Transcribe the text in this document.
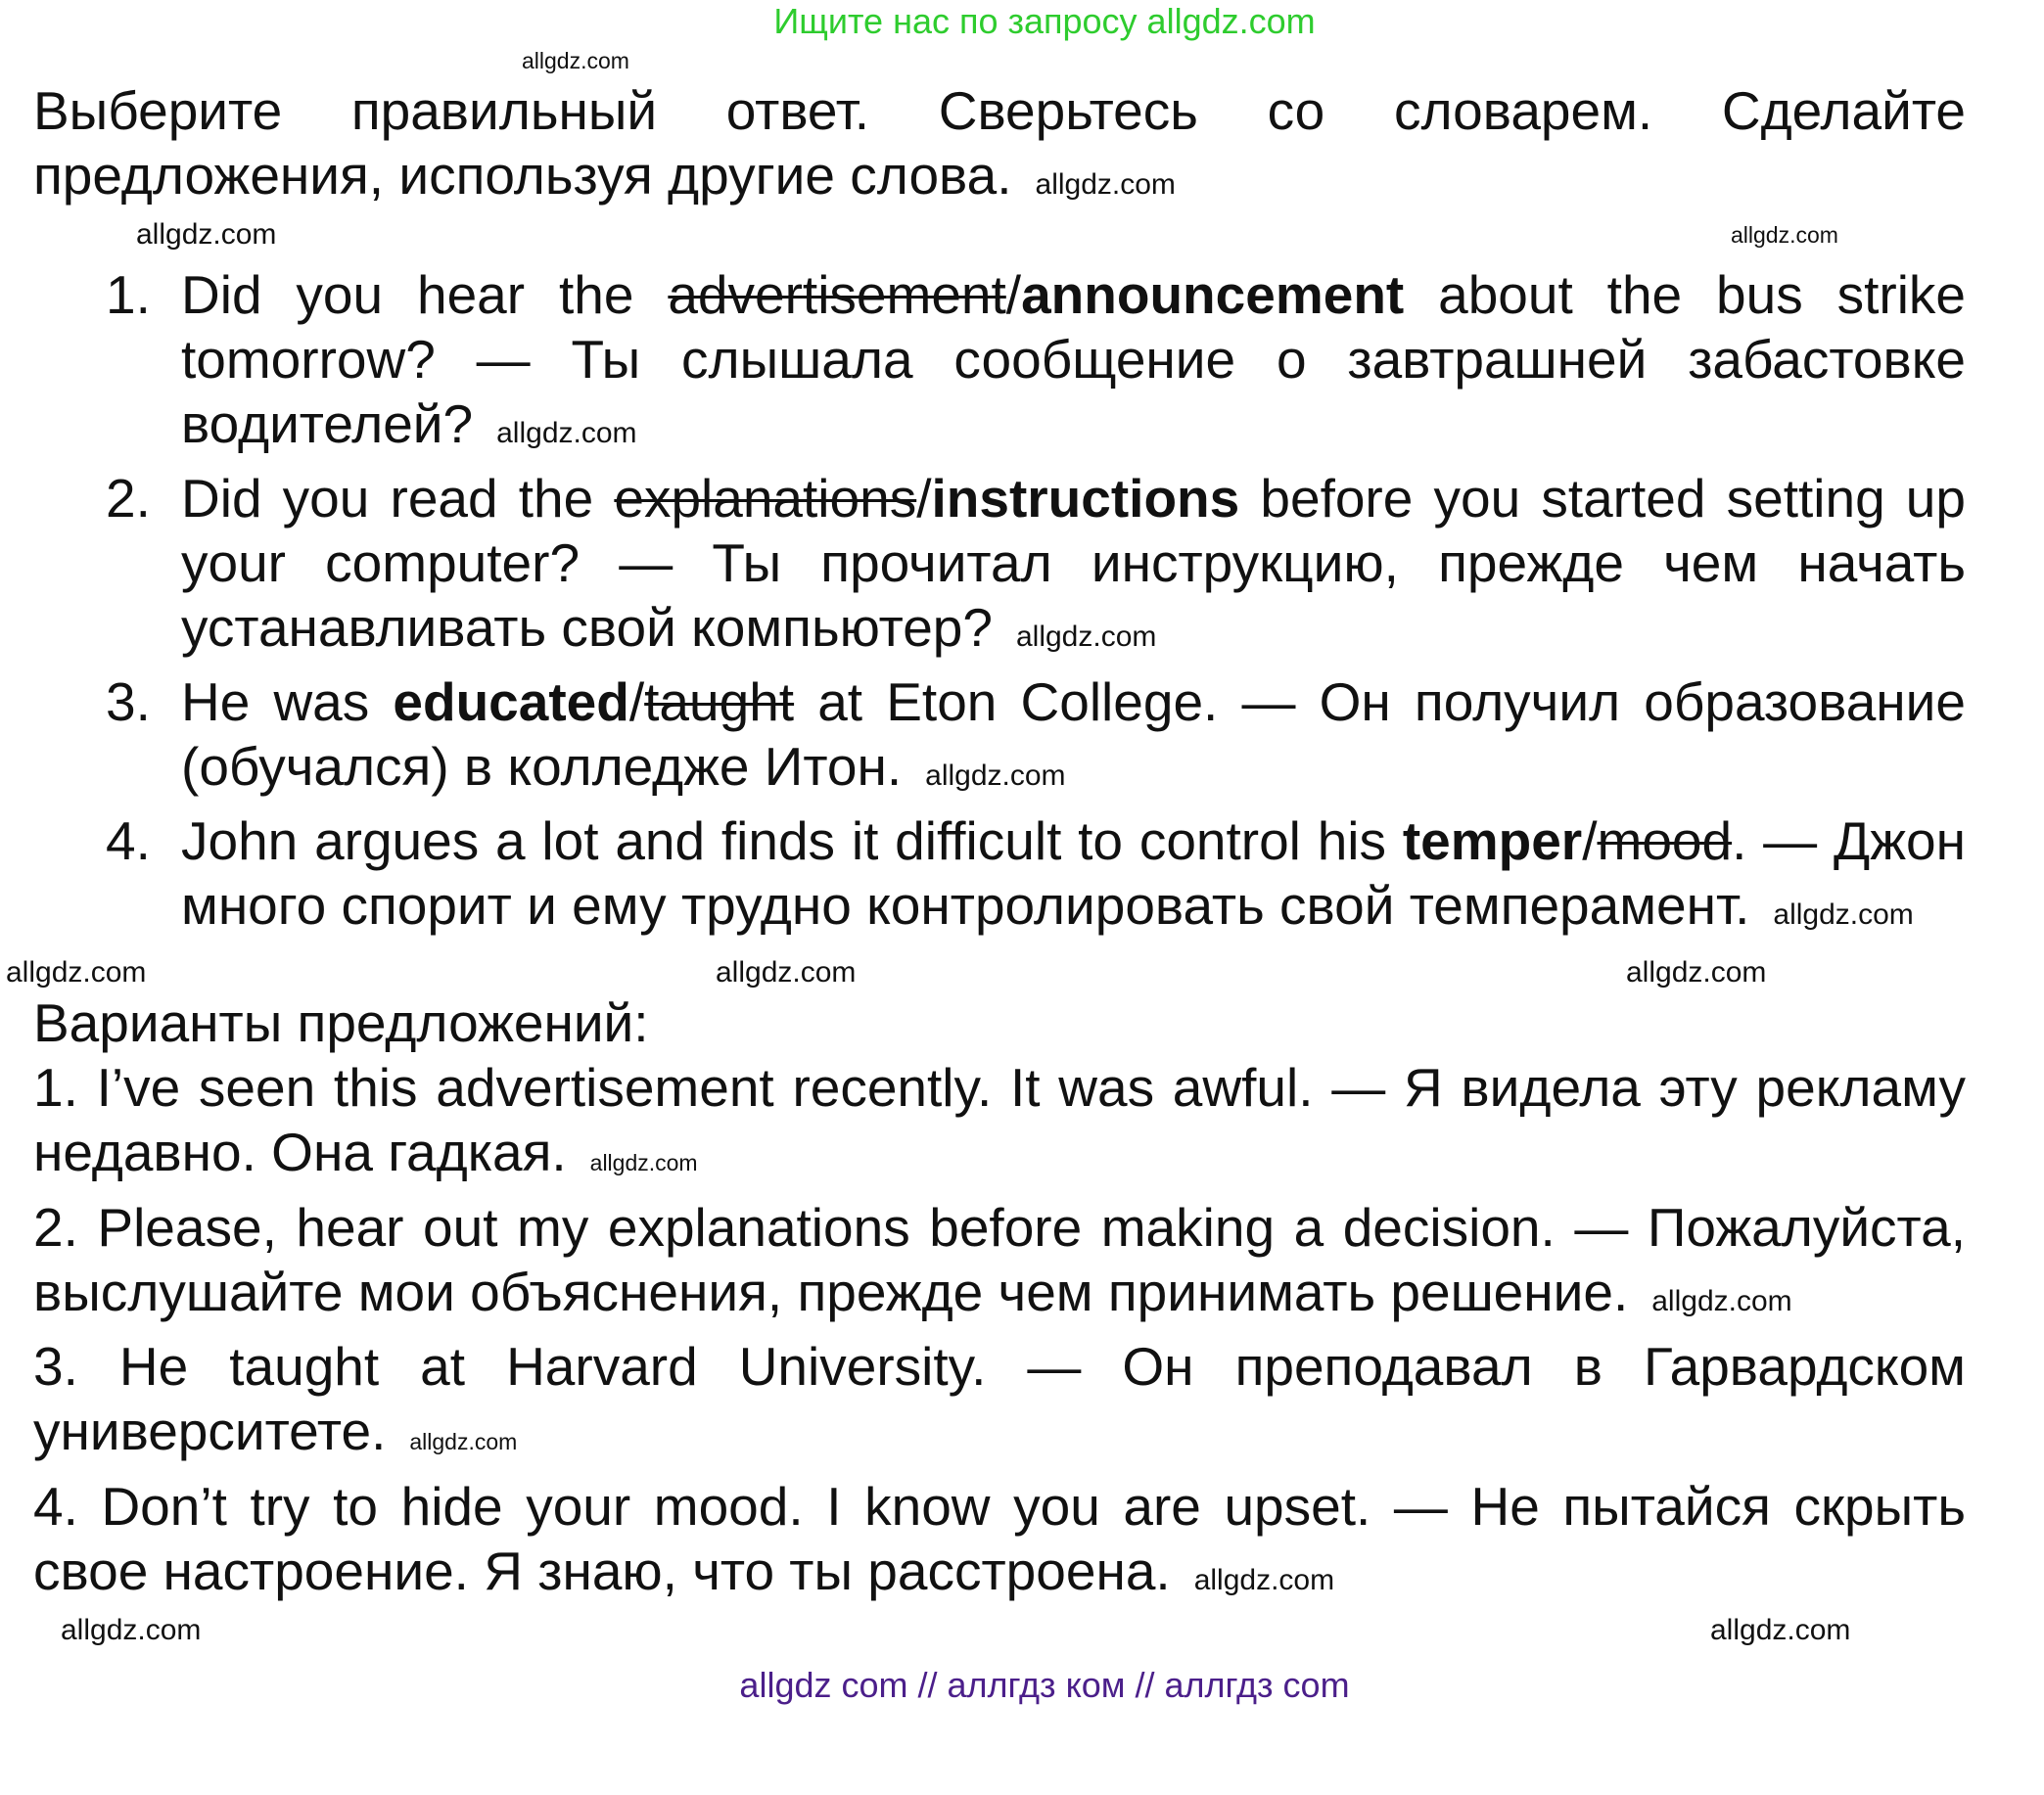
Ищите нас по запросу allgdz.com
allgdz.com

Выберите правильный ответ. Сверьтесь со словарем. Сделайте предложения, используя другие слова. allgdz.com

allgdz.com	allgdz.com
1. Did you hear the advertisement/announcement about the bus strike tomorrow? — Ты слышала сообщение о завтрашней забастовке водителей? allgdz.com
2. Did you read the explanations/instructions before you started setting up your computer? — Ты прочитал инструкцию, прежде чем начать устанавливать свой компьютер? allgdz.com
3. He was educated/taught at Eton College. — Он получил образование (обучался) в колледже Итон. allgdz.com
4. John argues a lot and finds it difficult to control his temper/mood. — Джон много спорит и ему трудно контролировать свой темперамент. allgdz.com
allgdz.com	allgdz.com	allgdz.com

Варианты предложений:

1. I’ve seen this advertisement recently. It was awful. — Я видела эту рекламу недавно. Она гадкая. allgdz.com

2. Please, hear out my explanations before making a decision. — Пожалуйста, выслушайте мои объяснения, прежде чем принимать решение. allgdz.com

3. He taught at Harvard University. — Он преподавал в Гарвардском университете. allgdz.com

4. Don’t try to hide your mood. I know you are upset. — Не пытайся скрыть свое настроение. Я знаю, что ты расстроена. allgdz.com

allgdz.com	allgdz.com
allgdz com // аллгдз ком // аллгдз com
